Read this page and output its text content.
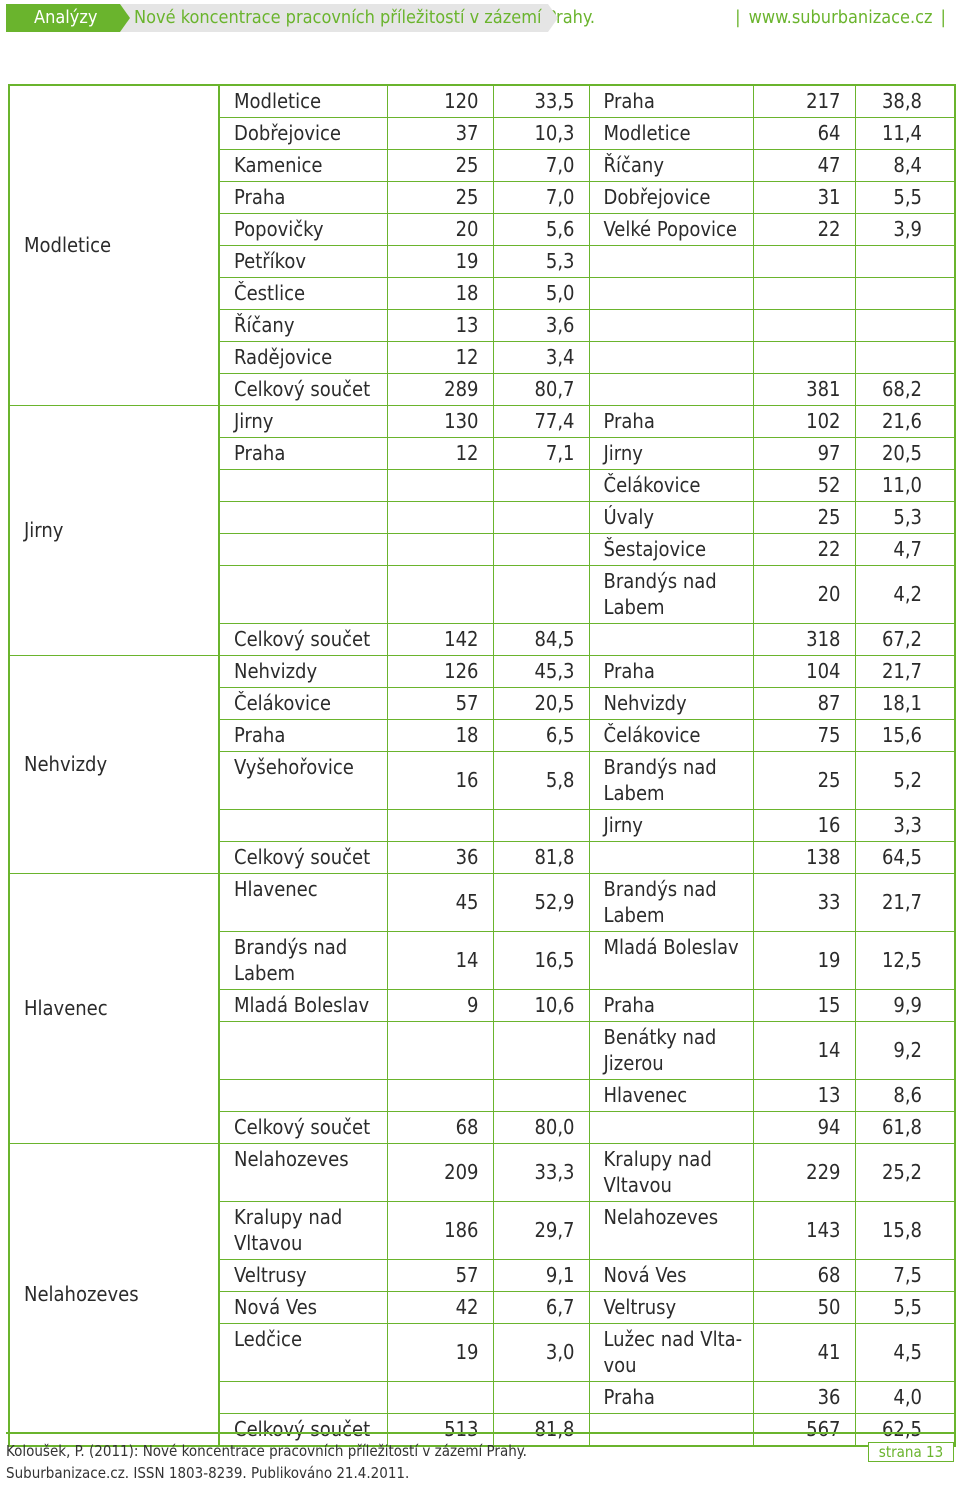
Analýzy	Nové koncentrace pracovních příležitostí v zázemí Prahy.	| www.suburbanizace.cz |
Modletice	Modletice	120	33,5	Praha	217	38,8
	Dobřejovice	37	10,3	Modletice	64	11,4
	Kamenice	25	7,0	Říčany	47	8,4
	Praha	25	7,0	Dobřejovice	31	5,5
	Popovičky	20	5,6	Velké Popovice	22	3,9
	Petříkov	19	5,3			
	Čestlice	18	5,0			
	Říčany	13	3,6			
	Radějovice	12	3,4			
	Celkový součet	289	80,7		381	68,2
Jirny	Jirny	130	77,4	Praha	102	21,6
	Praha	12	7,1	Jirny	97	20,5
				Čelákovice	52	11,0
				Úvaly	25	5,3
				Šestajovice	22	4,7
				Brandýs nad Labem	20	4,2
	Celkový součet	142	84,5		318	67,2
Nehvizdy	Nehvizdy	126	45,3	Praha	104	21,7
	Čelákovice	57	20,5	Nehvizdy	87	18,1
	Praha	18	6,5	Čelákovice	75	15,6
	Vyšehořovice	16	5,8	Brandýs nad Labem	25	5,2
				Jirny	16	3,3
	Celkový součet	36	81,8		138	64,5
Hlavenec	Hlavenec	45	52,9	Brandýs nad Labem	33	21,7
	Brandýs nad Labem	14	16,5	Mladá Boleslav	19	12,5
	Mladá Boleslav	9	10,6	Praha	15	9,9
				Benátky nad Jizerou	14	9,2
				Hlavenec	13	8,6
	Celkový součet	68	80,0		94	61,8
Nelahozeves	Nelahozeves	209	33,3	Kralupy nad Vltavou	229	25,2
	Kralupy nad Vltavou	186	29,7	Nelahozeves	143	15,8
	Veltrusy	57	9,1	Nová Ves	68	7,5
	Nová Ves	42	6,7	Veltrusy	50	5,5
	Ledčice	19	3,0	Lužec nad Vlta-vou	41	4,5
				Praha	36	4,0
	Celkový součet	513	81,8		567	62,5
Koloušek, P. (2011): Nové koncentrace pracovních příležitostí v zázemí Prahy.
Suburbanizace.cz. ISSN 1803-8239. Publikováno 21.4.2011.
strana 13
